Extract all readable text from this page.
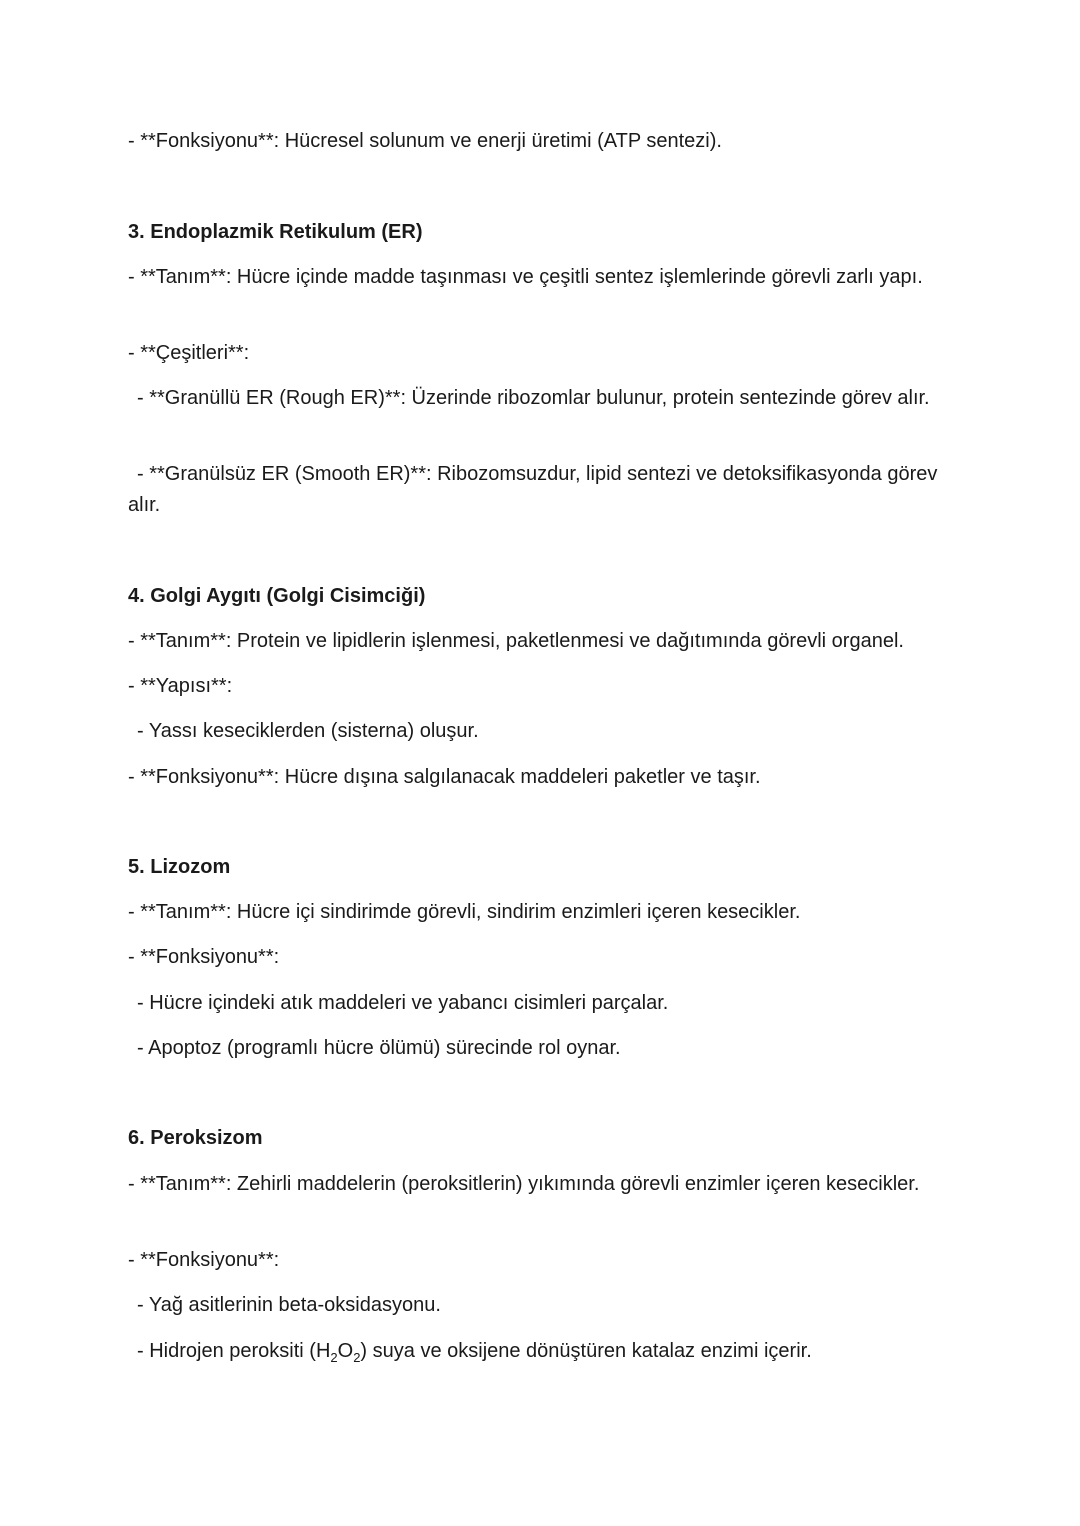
- **Fonksiyonu**: Hücresel solunum ve enerji üretimi (ATP sentezi).
3. Endoplazmik Retikulum (ER)
- **Tanım**: Hücre içinde madde taşınması ve çeşitli sentez işlemlerinde görevli zarlı yapı.
- **Çeşitleri**:
- **Granüllü ER (Rough ER)**: Üzerinde ribozomlar bulunur, protein sentezinde görev alır.
- **Granülsüz ER (Smooth ER)**: Ribozomsuzdur, lipid sentezi ve detoksifikasyonda görev alır.
4. Golgi Aygıtı (Golgi Cisimciği)
- **Tanım**: Protein ve lipidlerin işlenmesi, paketlenmesi ve dağıtımında görevli organel.
- **Yapısı**:
- Yassı keseciklerden (sisterna) oluşur.
- **Fonksiyonu**: Hücre dışına salgılanacak maddeleri paketler ve taşır.
5. Lizozom
- **Tanım**: Hücre içi sindirimde görevli, sindirim enzimleri içeren kesecikler.
- **Fonksiyonu**:
- Hücre içindeki atık maddeleri ve yabancı cisimleri parçalar.
- Apoptoz (programlı hücre ölümü) sürecinde rol oynar.
6. Peroksizom
- **Tanım**: Zehirli maddelerin (peroksitlerin) yıkımında görevli enzimler içeren kesecikler.
- **Fonksiyonu**:
- Yağ asitlerinin beta-oksidasyonu.
- Hidrojen peroksiti $(H_2O_2)$ suya ve oksijene dönüştüren katalaz enzimi içerir.
